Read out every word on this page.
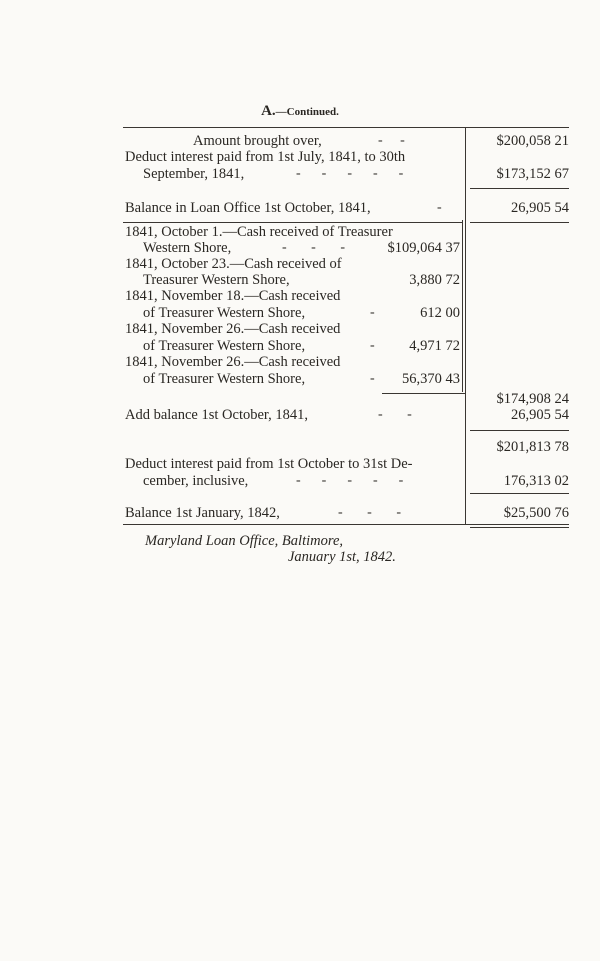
A.—Continued.
Amount brought over,	-     -	$200,058 21
Deduct interest paid from 1st July, 1841, to 30th
September, 1841,	-      -      -      -      -	$173,152 67
Balance in Loan Office 1st October, 1841,	-	26,905 54
1841, October 1.—Cash received of Treasurer
Western Shore,	-       -       -	$109,064 37
1841, October 23.—Cash received of
Treasurer Western Shore,	3,880 72
1841, November 18.—Cash received
of Treasurer Western Shore,	-	612 00
1841, November 26.—Cash received
of Treasurer Western Shore,	- 4,971 72
1841, November 26.—Cash received
of Treasurer Western Shore,	- 56,370 43
$174,908 24
Add balance 1st October, 1841,	-       -	26,905 54
$201,813 78
Deduct interest paid from 1st October to 31st De-
cember, inclusive,	-      -      -      -      -	176,313 02
Balance 1st January, 1842,	-       -       -	$25,500 76
Maryland Loan Office, Baltimore,
January 1st, 1842.
